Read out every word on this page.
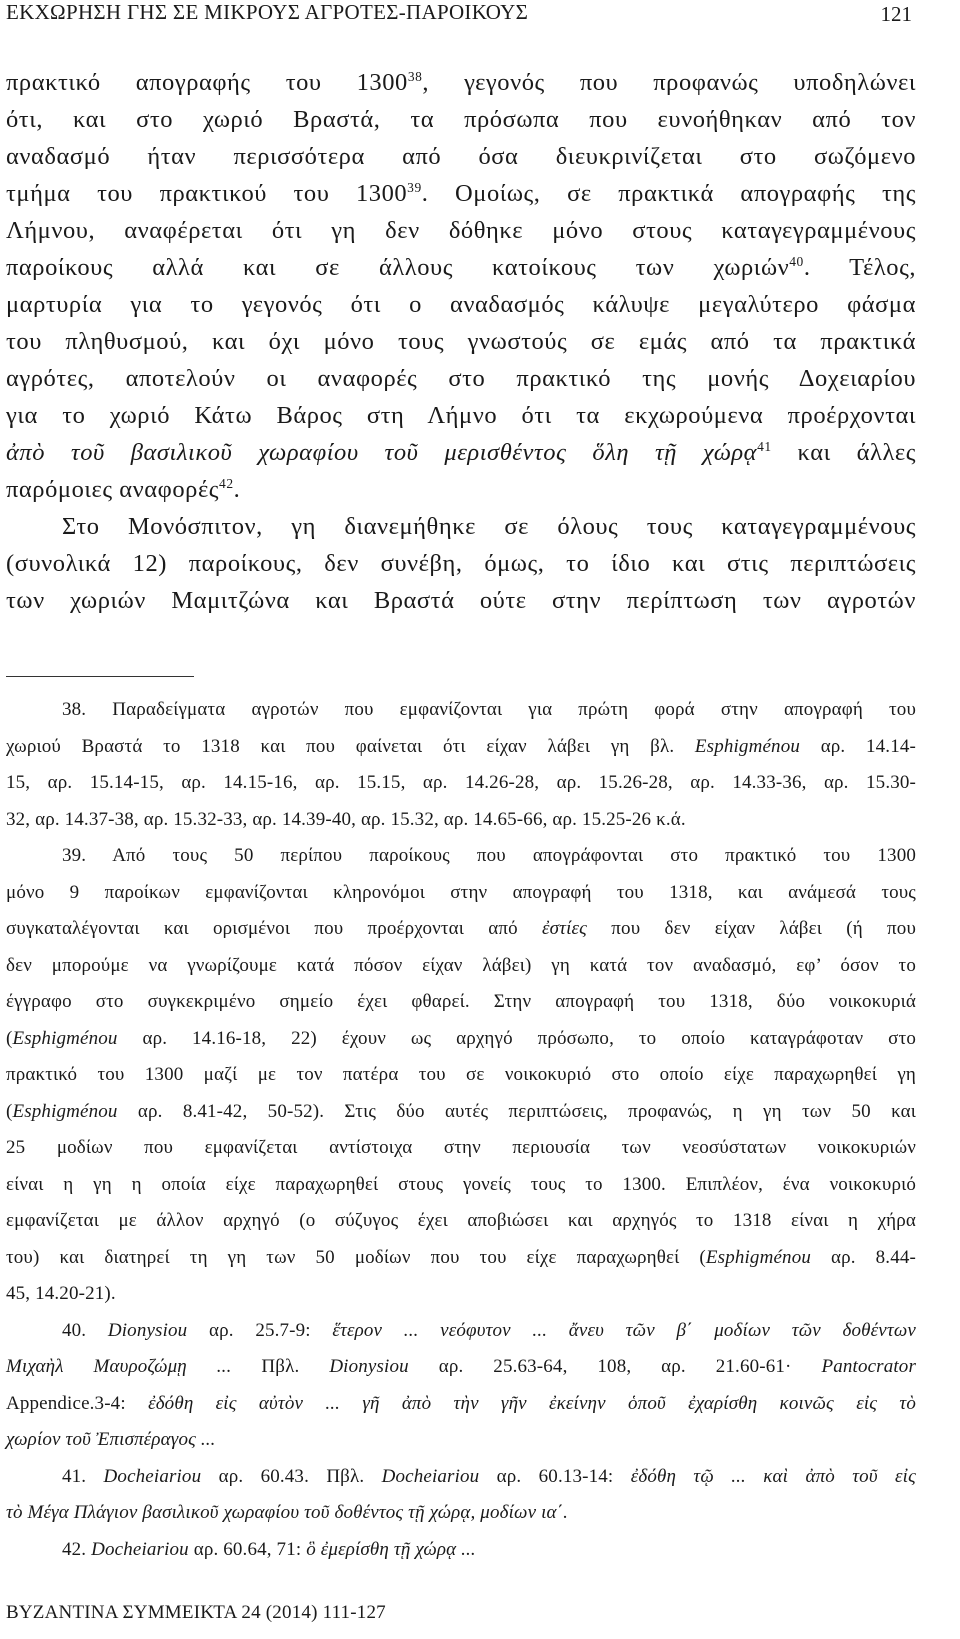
ΕΚΧΩΡΗΣΗ ΓΗΣ ΣΕ ΜΙΚΡΟΥΣ ΑΓΡΟΤΕΣ-ΠΑΡΟΙΚΟΥΣ	121
πρακτικό απογραφής του 1300$^{38}$, γεγονός που προφανώς υποδηλώνει
ότι, και στο χωριό Βραστά, τα πρόσωπα που ευνοήθηκαν από τον
αναδασμό ήταν περισσότερα από όσα διευκρινίζεται στο σωζόμενο
τμήμα του πρακτικού του 1300$^{39}$. Ομοίως, σε πρακτικά απογραφής της
Λήμνου, αναφέρεται ότι γη δεν δόθηκε μόνο στους καταγεγραμμένους
παροίκους αλλά και σε άλλους κατοίκους των χωριών$^{40}$. Τέλος,
μαρτυρία για το γεγονός ότι ο αναδασμός κάλυψε μεγαλύτερο φάσμα
του πληθυσμού, και όχι μόνο τους γνωστούς σε εμάς από τα πρακτικά
αγρότες, αποτελούν οι αναφορές στο πρακτικό της μονής Δοχειαρίου
για το χωριό Κάτω Βάρος στη Λήμνο ότι τα εκχωρούμενα προέρχονται
ἀπὸ τοῦ βασιλικοῦ χωραφίου τοῦ μερισθέντος ὅλη τῇ χώρᾳ$^{41}$ και άλλες
παρόμοιες αναφορές$^{42}$.
Στο Μονόσπιτον, γη διανεμήθηκε σε όλους τους καταγεγραμμένους
(συνολικά 12) παροίκους, δεν συνέβη, όμως, το ίδιο και στις περιπτώσεις
των χωριών Μαμιτζώνα και Βραστά ούτε στην περίπτωση των αγροτών
38. Παραδείγματα αγροτών που εμφανίζονται για πρώτη φορά στην απογραφή του
χωριού Βραστά το 1318 και που φαίνεται ότι είχαν λάβει γη βλ. Esphigménou αρ. 14.14-
15, αρ. 15.14-15, αρ. 14.15-16, αρ. 15.15, αρ. 14.26-28, αρ. 15.26-28, αρ. 14.33-36, αρ. 15.30-
32, αρ. 14.37-38, αρ. 15.32-33, αρ. 14.39-40, αρ. 15.32, αρ. 14.65-66, αρ. 15.25-26 κ.ά.
39. Από τους 50 περίπου παροίκους που απογράφονται στο πρακτικό του 1300
μόνο 9 παροίκων εμφανίζονται κληρονόμοι στην απογραφή του 1318, και ανάμεσά τους
συγκαταλέγονται και ορισμένοι που προέρχονται από ἐστίες που δεν είχαν λάβει (ή που
δεν μπορούμε να γνωρίζουμε κατά πόσον είχαν λάβει) γη κατά τον αναδασμό, εφ’ όσον το
έγγραφο στο συγκεκριμένο σημείο έχει φθαρεί. Στην απογραφή του 1318, δύο νοικοκυριά
(Esphigménou αρ. 14.16-18, 22) έχουν ως αρχηγό πρόσωπο, το οποίο καταγράφοταν στο
πρακτικό του 1300 μαζί με τον πατέρα του σε νοικοκυριό στο οποίο είχε παραχωρηθεί γη
(Esphigménou αρ. 8.41-42, 50-52). Στις δύο αυτές περιπτώσεις, προφανώς, η γη των 50 και
25 μοδίων που εμφανίζεται αντίστοιχα στην περιουσία των νεοσύστατων νοικοκυριών
είναι η γη η οποία είχε παραχωρηθεί στους γονείς τους το 1300. Επιπλέον, ένα νοικοκυριό
εμφανίζεται με άλλον αρχηγό (ο σύζυγος έχει αποβιώσει και αρχηγός το 1318 είναι η χήρα
του) και διατηρεί τη γη των 50 μοδίων που του είχε παραχωρηθεί (Esphigménou αρ. 8.44-
45, 14.20-21).
40. Dionysiou αρ. 25.7-9: ἕτερον ... νεόφυτον ... ἄνευ τῶν β΄ μοδίων τῶν δοθέντων
Μιχαὴλ Μαυροζώμῃ ... Πβλ. Dionysiou αρ. 25.63-64, 108, αρ. 21.60-61· Pantocrator
Appendice.3-4: ἐδόθη εἰς αὐτὸν ... γῆ ἀπὸ τὴν γῆν ἐκείνην ὁποῦ ἐχαρίσθη κοινῶς εἰς τὸ
χωρίον τοῦ Ἐπισπέραγος ...
41. Docheiariou αρ. 60.43. Πβλ. Docheiariou αρ. 60.13-14: ἐδόθη τῷ ... καὶ ἀπὸ τοῦ εἰς
τὸ Μέγα Πλάγιον βασιλικοῦ χωραφίου τοῦ δοθέντος τῇ χώρᾳ, μοδίων ια΄.
42. Docheiariou αρ. 60.64, 71: ὃ ἐμερίσθη τῇ χώρᾳ ...
ΒΥΖΑΝΤΙΝΑ ΣΥΜΜΕΙΚΤΑ 24 (2014) 111-127
